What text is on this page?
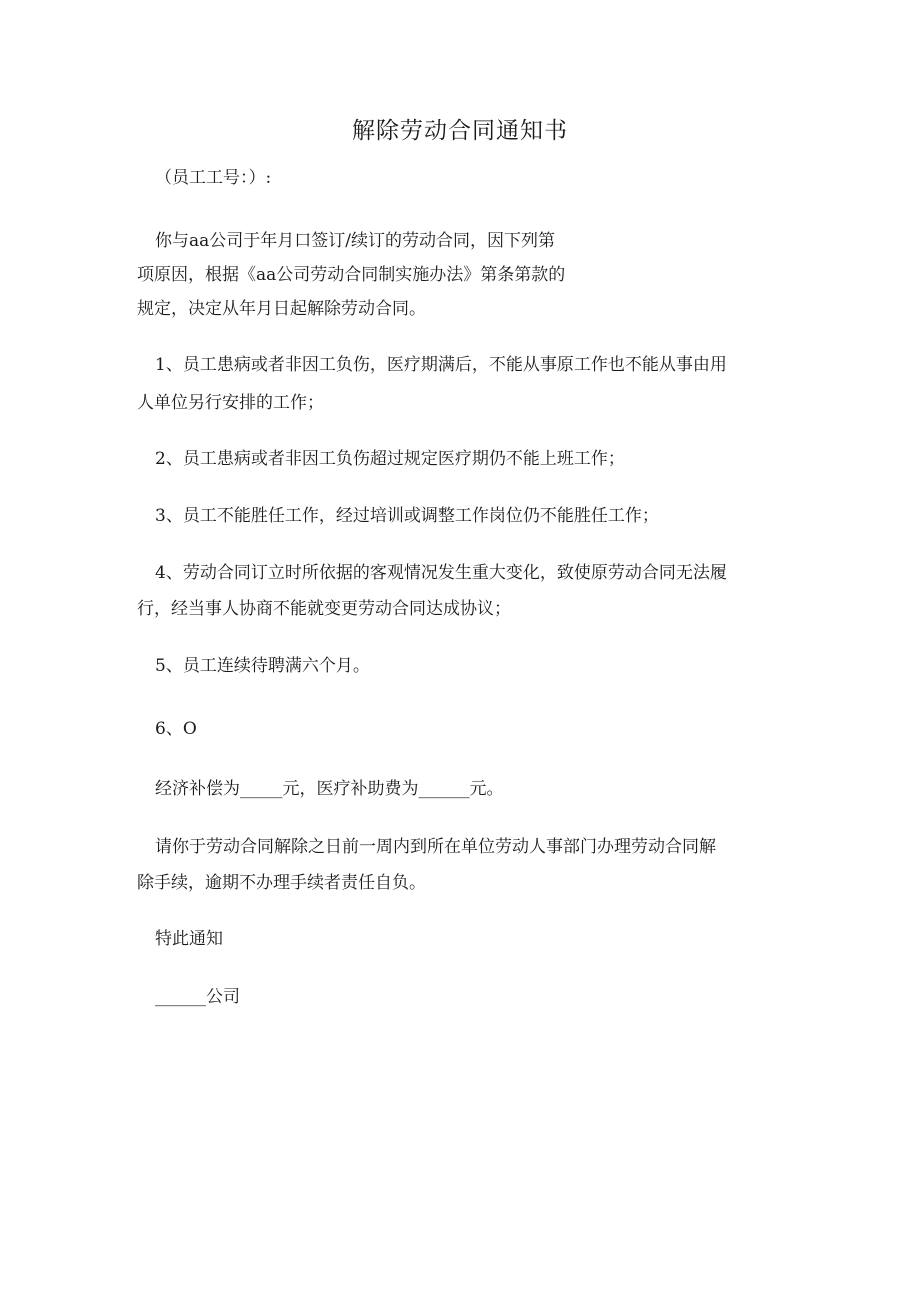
解除劳动合同通知书
（员工工号：）:
你与aa公司于年月口签订/续订的劳动合同，因下列第
项原因，根据《aa公司劳动合同制实施办法》第条第款的
规定，决定从年月日起解除劳动合同。
1、员工患病或者非因工负伤，医疗期满后，不能从事原工作也不能从事由用
人单位另行安排的工作；
2、员工患病或者非因工负伤超过规定医疗期仍不能上班工作；
3、员工不能胜任工作，经过培训或调整工作岗位仍不能胜任工作；
4、劳动合同订立时所依据的客观情况发生重大变化，致使原劳动合同无法履
行，经当事人协商不能就变更劳动合同达成协议；
5、员工连续待聘满六个月。
6、O
经济补偿为_____元，医疗补助费为______元。
请你于劳动合同解除之日前一周内到所在单位劳动人事部门办理劳动合同解
除手续，逾期不办理手续者责任自负。
特此通知
______公司
